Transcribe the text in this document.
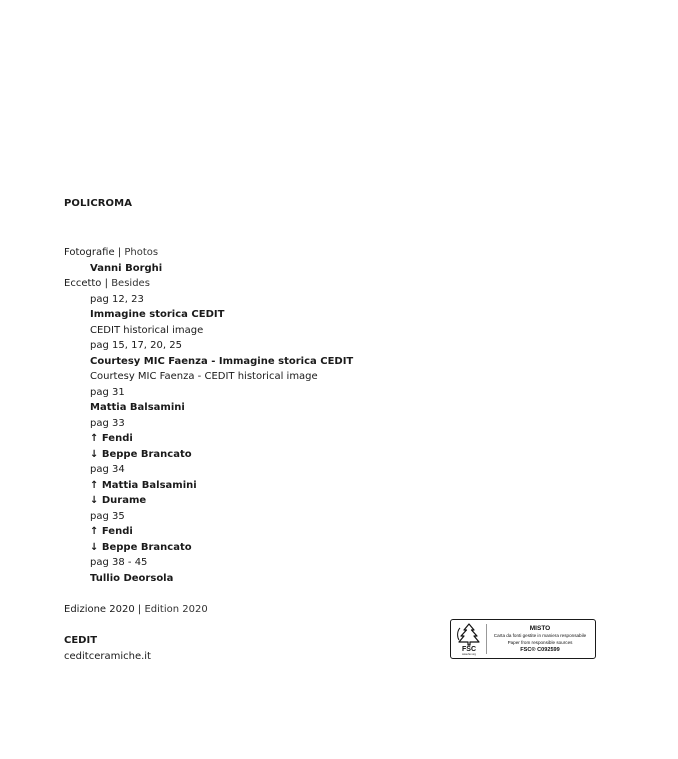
POLICROMA
Fotografie | Photos
Vanni Borghi
Eccetto | Besides
pag 12, 23
Immagine storica CEDIT
CEDIT historical image
pag 15, 17, 20, 25
Courtesy MIC Faenza - Immagine storica CEDIT
Courtesy MIC Faenza - CEDIT historical image
pag 31
Mattia Balsamini
pag 33
↑ Fendi
↓ Beppe Brancato
pag 34
↑ Mattia Balsamini
↓ Durame
pag 35
↑ Fendi
↓ Beppe Brancato
pag 38 - 45
Tullio Deorsola
Edizione 2020 | Edition 2020
CEDIT
ceditceramiche.it
FSC
www.fsc.org
MISTO
Carta da fonti gestite in maniera responsabile
Paper from responsible sources
FSC® C092599
